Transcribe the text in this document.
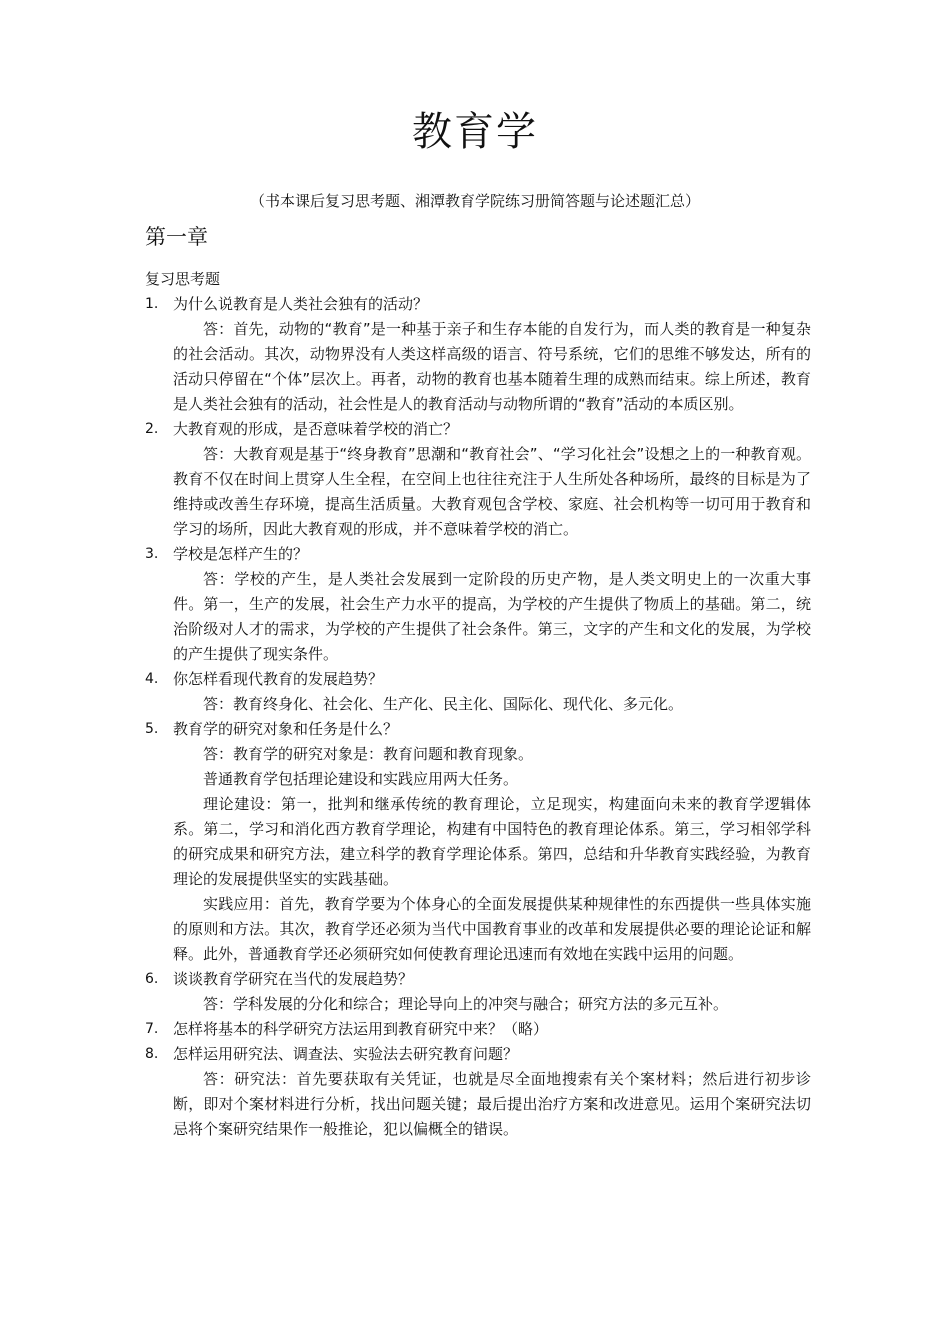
教育学
（书本课后复习思考题、湘潭教育学院练习册简答题与论述题汇总）
第一章
复习思考题
1. 为什么说教育是人类社会独有的活动？

答：首先，动物的“教育”是一种基于亲子和生存本能的自发行为，而人类的教育是一种复杂的社会活动。其次，动物界没有人类这样高级的语言、符号系统，它们的思维不够发达，所有的活动只停留在“个体”层次上。再者，动物的教育也基本随着生理的成熟而结束。综上所述，教育是人类社会独有的活动，社会性是人的教育活动与动物所谓的“教育”活动的本质区别。

2. 大教育观的形成，是否意味着学校的消亡？

答：大教育观是基于“终身教育”思潮和“教育社会”、“学习化社会”设想之上的一种教育观。教育不仅在时间上贯穿人生全程，在空间上也往往充注于人生所处各种场所，最终的目标是为了维持或改善生存环境，提高生活质量。大教育观包含学校、家庭、社会机构等一切可用于教育和学习的场所，因此大教育观的形成，并不意味着学校的消亡。

3. 学校是怎样产生的？

答：学校的产生，是人类社会发展到一定阶段的历史产物，是人类文明史上的一次重大事件。第一，生产的发展，社会生产力水平的提高，为学校的产生提供了物质上的基础。第二，统治阶级对人才的需求，为学校的产生提供了社会条件。第三，文字的产生和文化的发展，为学校的产生提供了现实条件。

4. 你怎样看现代教育的发展趋势？

答：教育终身化、社会化、生产化、民主化、国际化、现代化、多元化。

5. 教育学的研究对象和任务是什么？

答：教育学的研究对象是：教育问题和教育现象。

普通教育学包括理论建设和实践应用两大任务。

理论建设：第一，批判和继承传统的教育理论，立足现实，构建面向未来的教育学逻辑体系。第二，学习和消化西方教育学理论，构建有中国特色的教育理论体系。第三，学习相邻学科的研究成果和研究方法，建立科学的教育学理论体系。第四，总结和升华教育实践经验，为教育理论的发展提供坚实的实践基础。

实践应用：首先，教育学要为个体身心的全面发展提供某种规律性的东西提供一些具体实施的原则和方法。其次，教育学还必须为当代中国教育事业的改革和发展提供必要的理论论证和解释。此外，普通教育学还必须研究如何使教育理论迅速而有效地在实践中运用的问题。

6. 谈谈教育学研究在当代的发展趋势？

答：学科发展的分化和综合；理论导向上的冲突与融合；研究方法的多元互补。

7. 怎样将基本的科学研究方法运用到教育研究中来？（略）
8. 怎样运用研究法、调查法、实验法去研究教育问题？

答：研究法：首先要获取有关凭证，也就是尽全面地搜索有关个案材料；然后进行初步诊断，即对个案材料进行分析，找出问题关键；最后提出治疗方案和改进意见。运用个案研究法切忌将个案研究结果作一般推论，犯以偏概全的错误。
